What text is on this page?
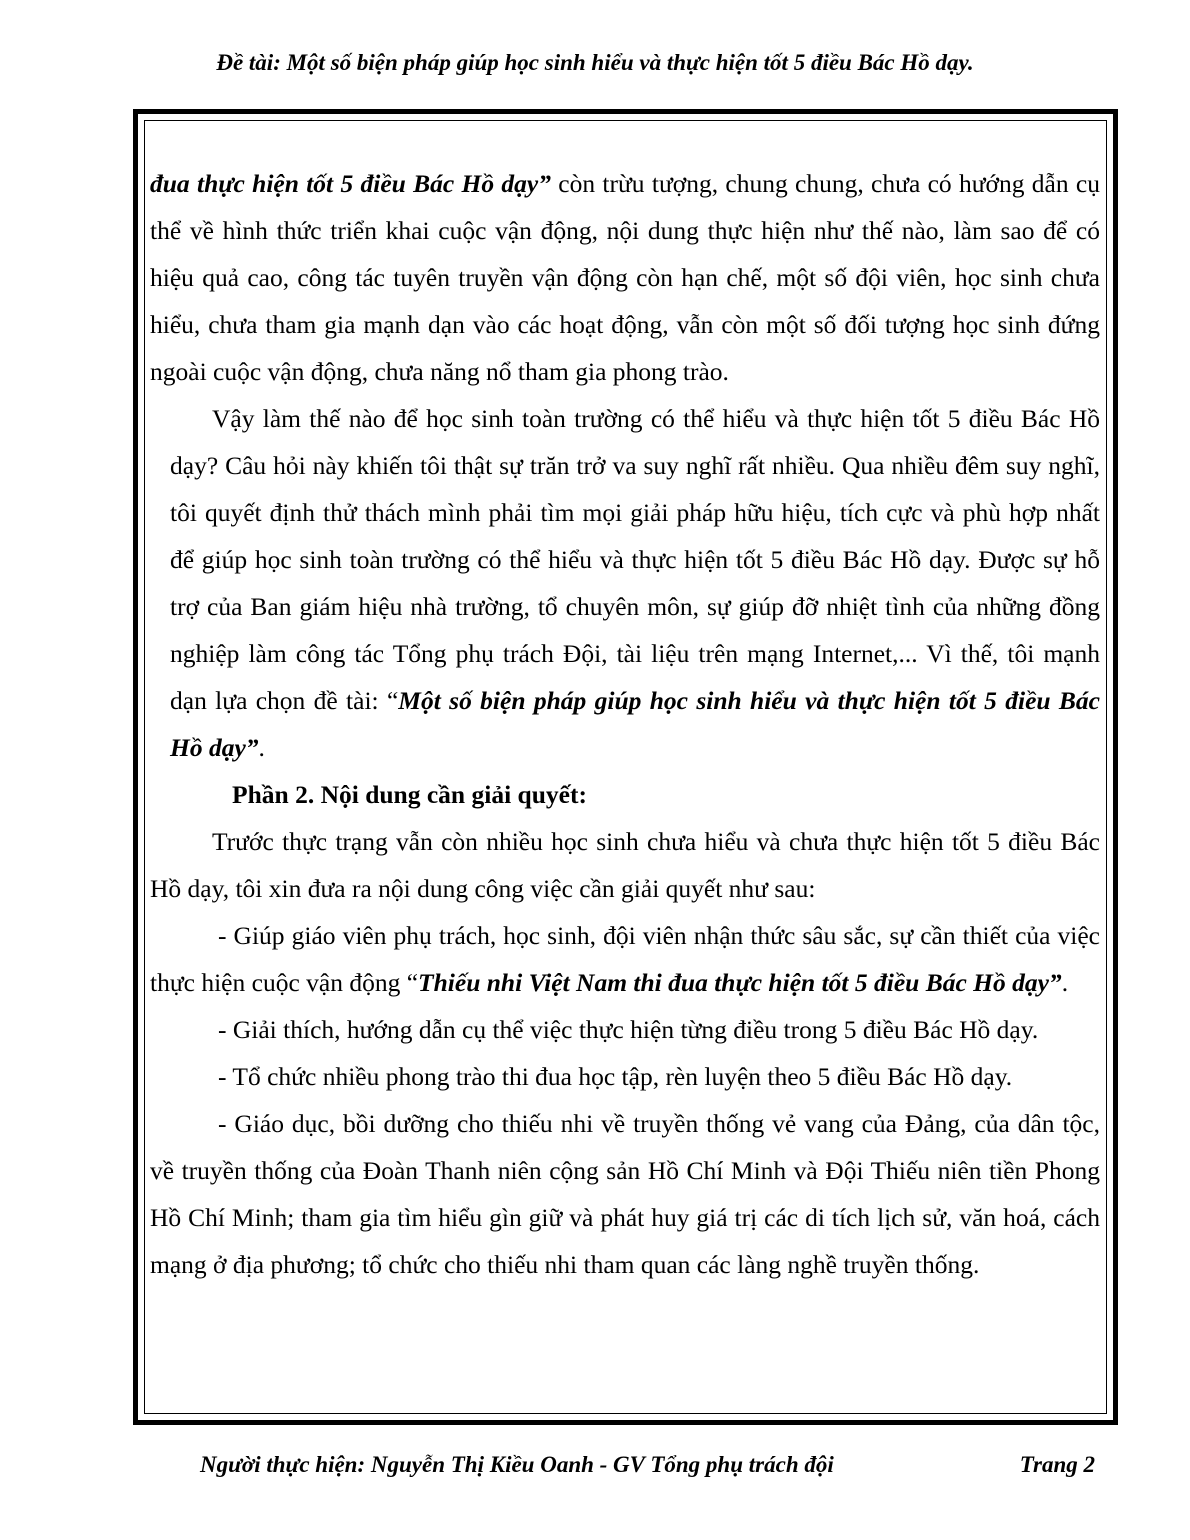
Đề tài: Một số biện pháp giúp học sinh hiểu và thực hiện tốt 5 điều Bác Hồ dạy.

đua thực hiện tốt 5 điều Bác Hồ dạy” còn trừu tượng, chung chung, chưa có hướng dẫn cụ thể về hình thức triển khai cuộc vận động, nội dung thực hiện như thế nào, làm sao để có hiệu quả cao, công tác tuyên truyền vận động còn hạn chế, một số đội viên, học sinh chưa hiểu, chưa tham gia mạnh dạn vào các hoạt động, vẫn còn một số đối tượng học sinh đứng ngoài cuộc vận động, chưa năng nổ tham gia phong trào.

Vậy làm thế nào để học sinh toàn trường có thể hiểu và thực hiện tốt 5 điều Bác Hồ dạy? Câu hỏi này khiến tôi thật sự trăn trở va suy nghĩ rất nhiều. Qua nhiều đêm suy nghĩ, tôi quyết định thử thách mình phải tìm mọi giải pháp hữu hiệu, tích cực và phù hợp nhất để giúp học sinh toàn trường có thể hiểu và thực hiện tốt 5 điều Bác Hồ dạy. Được sự hỗ trợ của Ban giám hiệu nhà trường, tổ chuyên môn, sự giúp đỡ nhiệt tình của những đồng nghiệp làm công tác Tổng phụ trách Đội, tài liệu trên mạng Internet,... Vì thế, tôi mạnh dạn lựa chọn đề tài: “Một số biện pháp giúp học sinh hiểu và thực hiện tốt 5 điều Bác Hồ dạy”.

Phần 2. Nội dung cần giải quyết:

Trước thực trạng vẫn còn nhiều học sinh chưa hiểu và chưa thực hiện tốt 5 điều Bác Hồ dạy, tôi xin đưa ra nội dung công việc cần giải quyết như sau:

- Giúp giáo viên phụ trách, học sinh, đội viên nhận thức sâu sắc, sự cần thiết của việc thực hiện cuộc vận động “Thiếu nhi Việt Nam thi đua thực hiện tốt 5 điều Bác Hồ dạy”.

- Giải thích, hướng dẫn cụ thể việc thực hiện từng điều trong 5 điều Bác Hồ dạy.

- Tổ chức nhiều phong trào thi đua học tập, rèn luyện theo 5 điều Bác Hồ dạy.

- Giáo dục, bồi dưỡng cho thiếu nhi về truyền thống vẻ vang của Đảng, của dân tộc, về truyền thống của Đoàn Thanh niên cộng sản Hồ Chí Minh và Đội Thiếu niên tiền Phong Hồ Chí Minh; tham gia tìm hiểu gìn giữ và phát huy giá trị các di tích lịch sử, văn hoá, cách mạng ở địa phương; tổ chức cho thiếu nhi tham quan các làng nghề truyền thống.

Người thực hiện: Nguyễn Thị Kiều Oanh - GV Tổng phụ trách đội	Trang 2
